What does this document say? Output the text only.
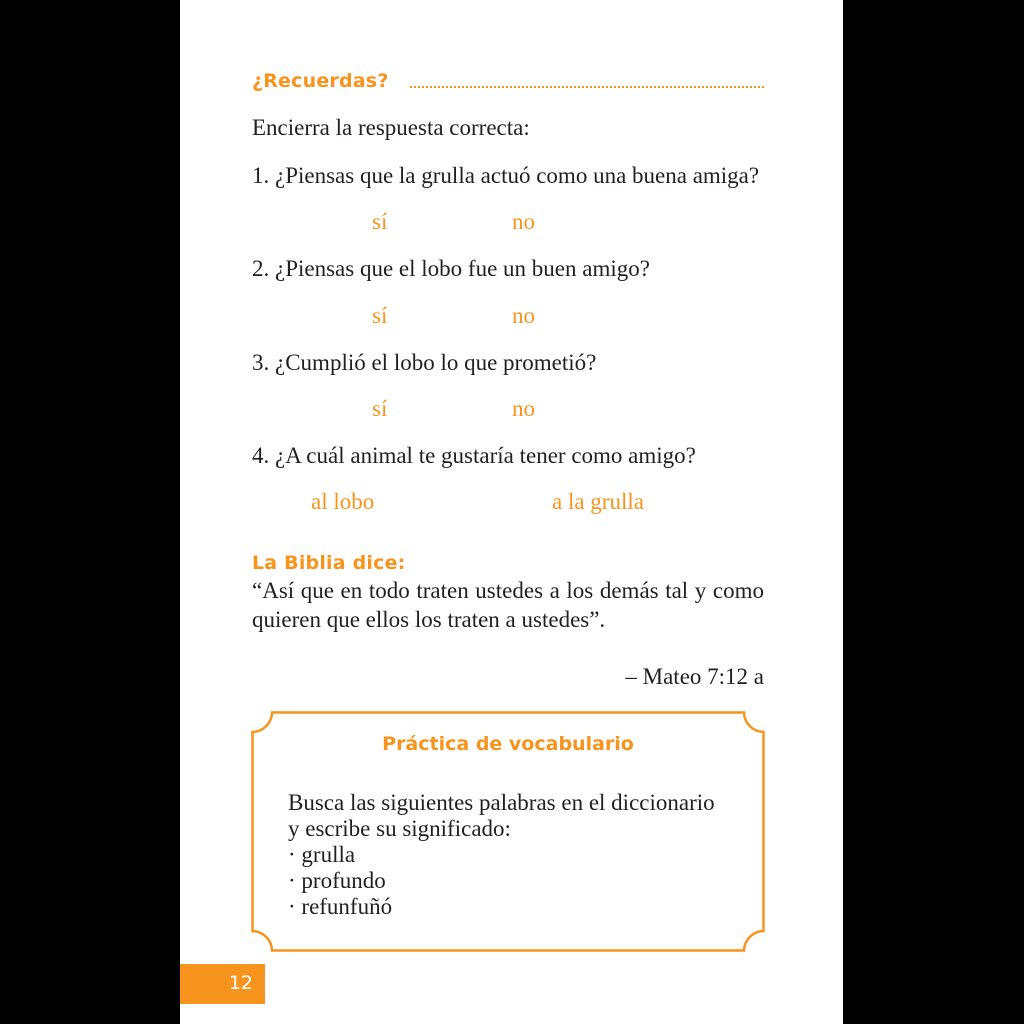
¿Recuerdas?
Encierra la respuesta correcta:
1. ¿Piensas que la grulla actuó como una buena amiga?
sí	no
2. ¿Piensas que el lobo fue un buen amigo?
sí	no
3. ¿Cumplió el lobo lo que prometió?
sí	no
4. ¿A cuál animal te gustaría tener como amigo?
al lobo	a la grulla
La Biblia dice:
“Así que en todo traten ustedes a los demás tal y como quieren que ellos los traten a ustedes”.
– Mateo 7:12 a
Práctica de vocabulario
Busca las siguientes palabras en el diccionario
y escribe su significado:
· grulla
· profundo
· refunfuñó
12
